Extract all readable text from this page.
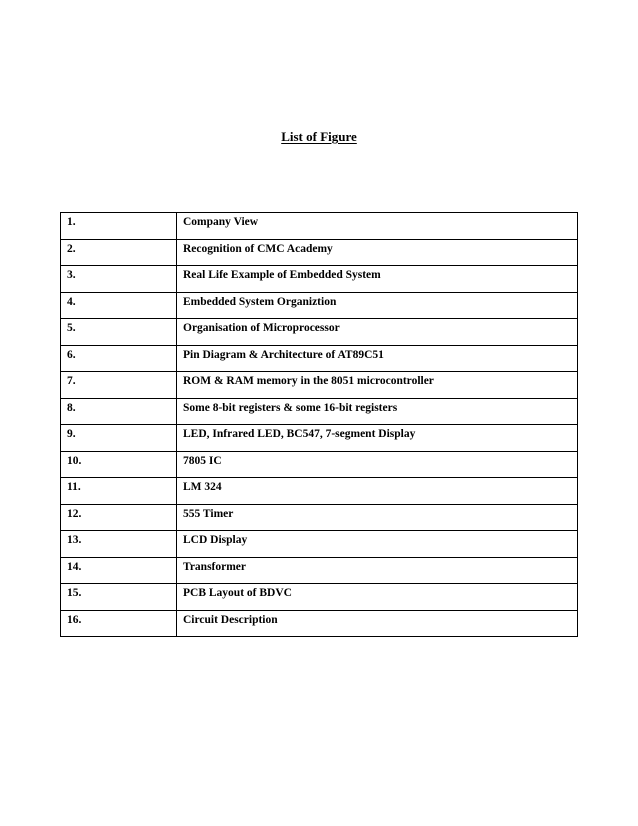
List of Figure
1.	Company View

2.	Recognition of CMC Academy

3.	Real Life Example of Embedded System

4.	Embedded System Organiztion

5.	Organisation of Microprocessor

6.	Pin Diagram & Architecture of AT89C51

7.	ROM & RAM memory in the 8051 microcontroller

8.	Some 8-bit registers & some 16-bit registers

9.	LED, Infrared LED, BC547, 7-segment Display

10.	7805 IC

11.	LM 324

12.	555 Timer

13.	LCD Display

14.	Transformer

15.	PCB Layout of BDVC

16.	Circuit Description
